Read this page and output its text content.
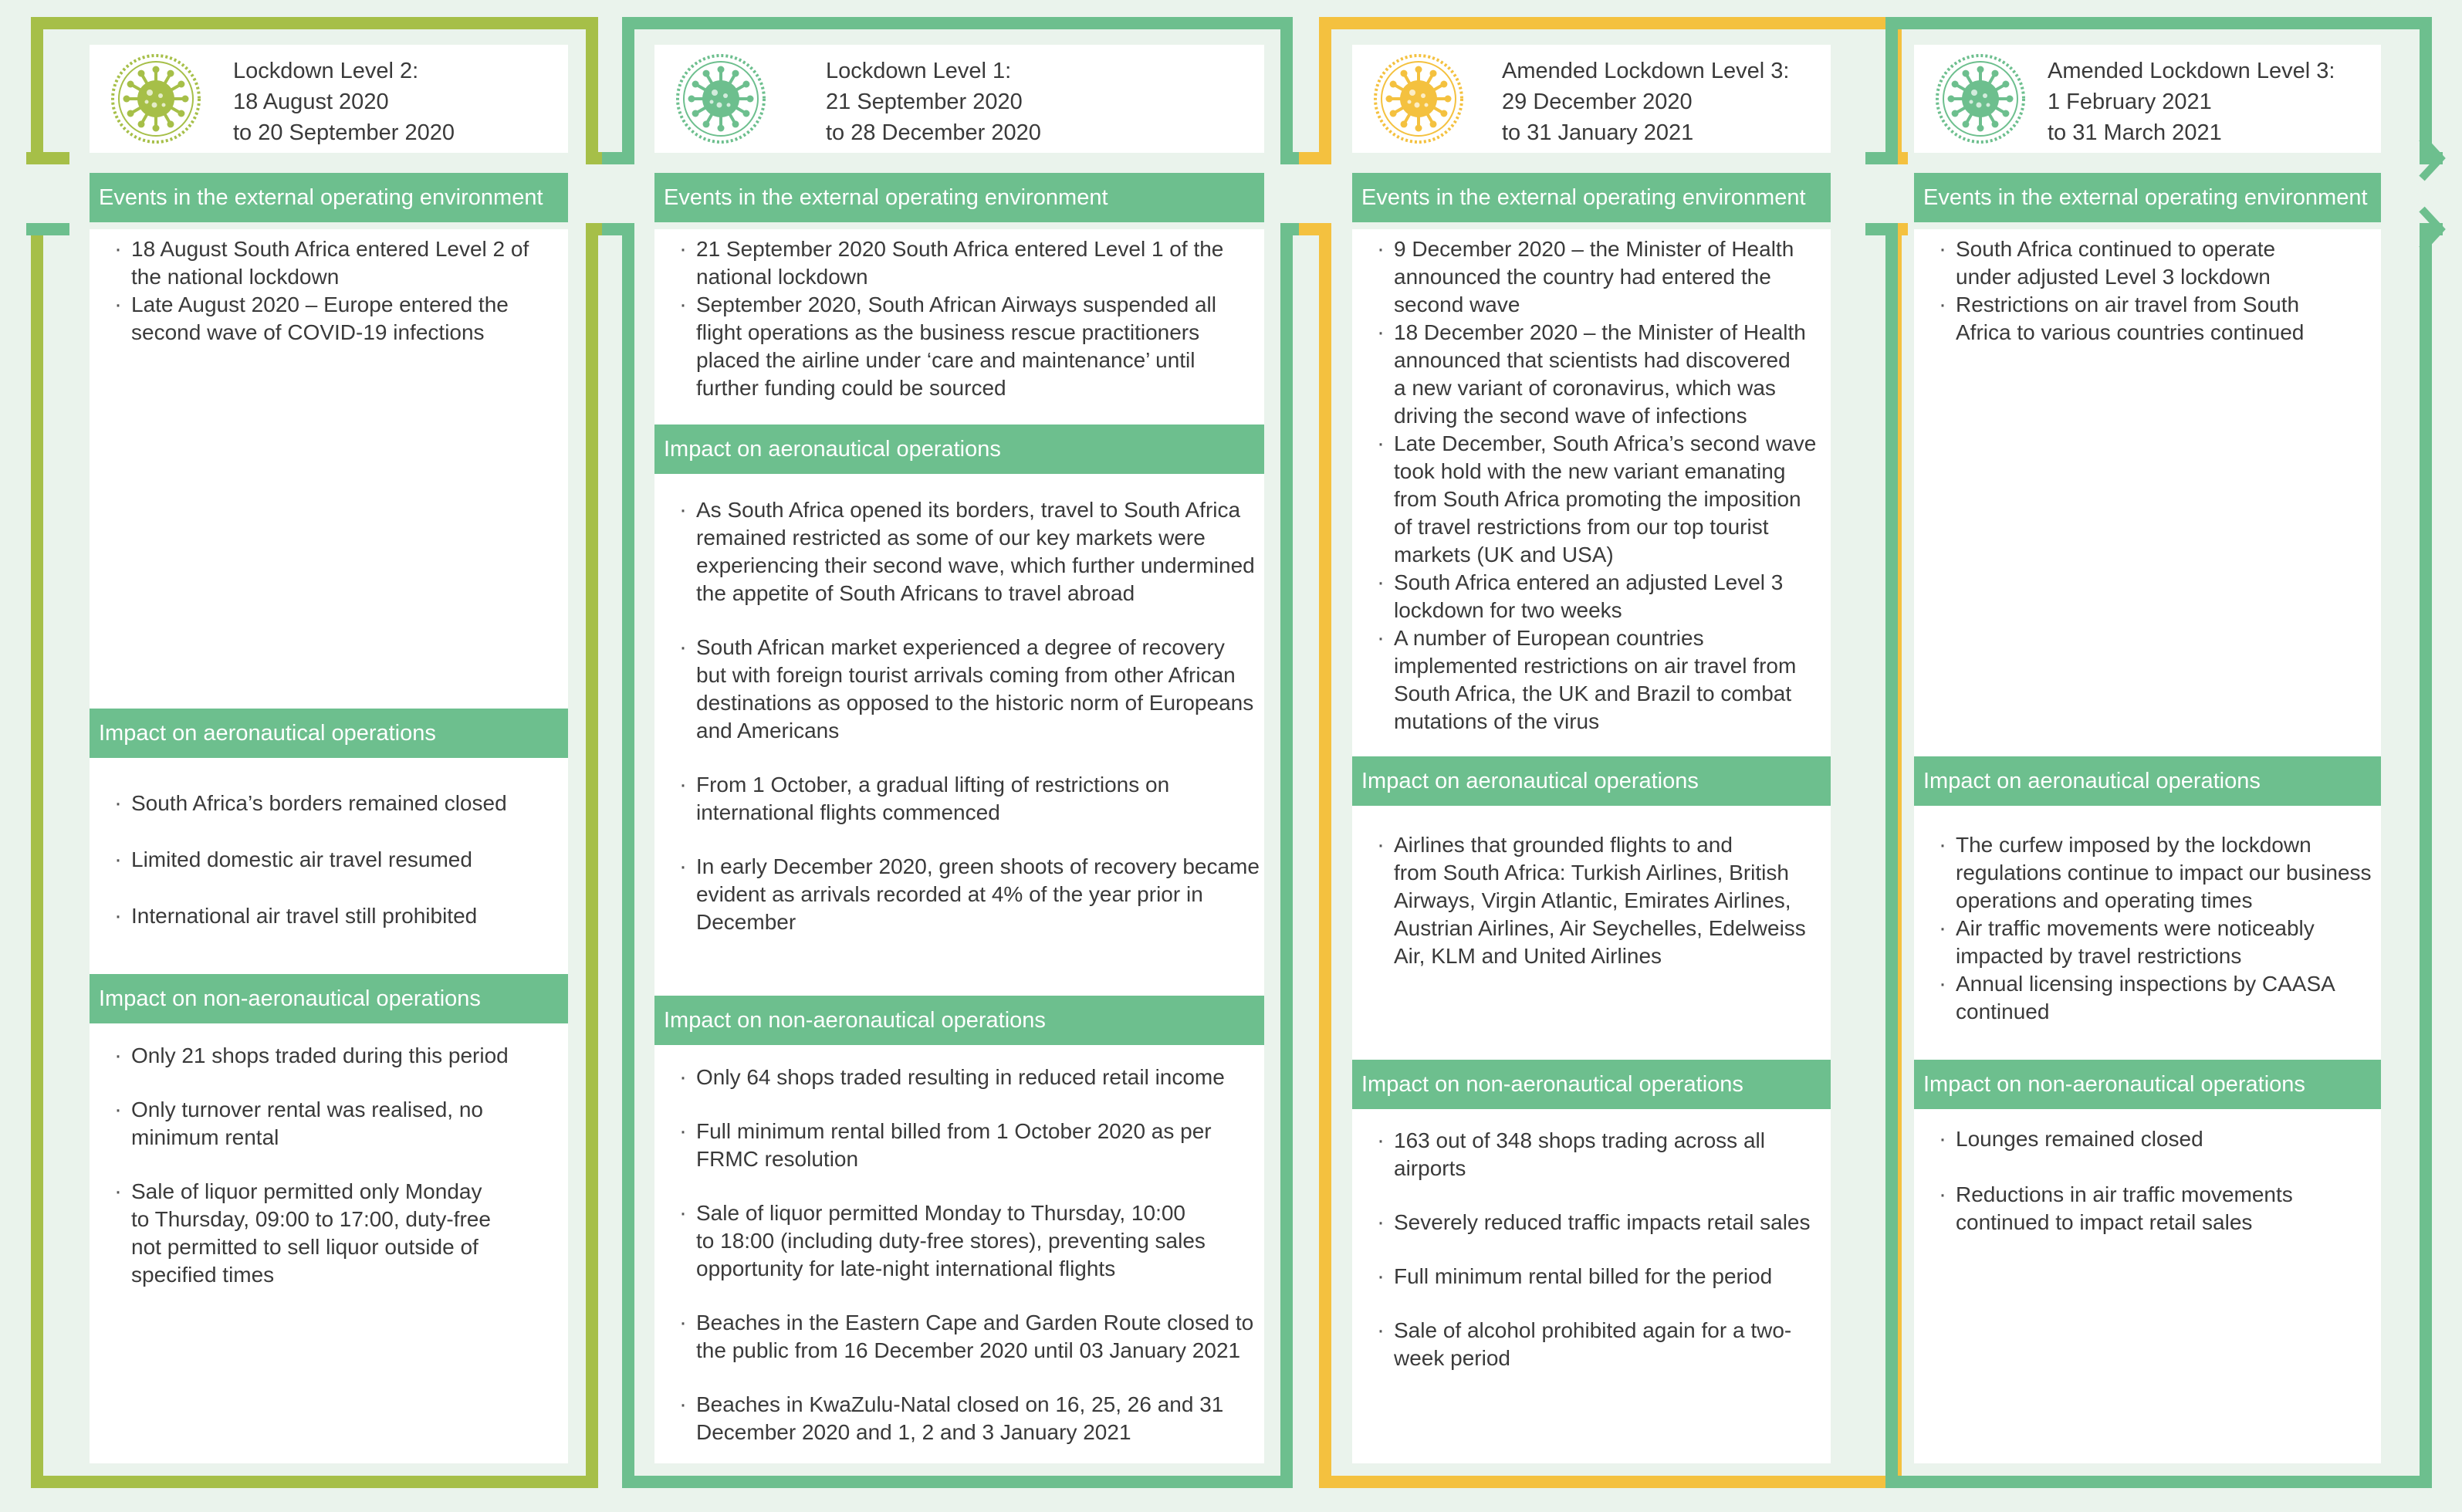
Lockdown Level 2:
18 August 2020
to 20 September 2020
Events in the external operating environment
· 18 August South Africa entered Level 2 of
the national lockdown
· Late August 2020 – Europe entered the
second wave of COVID-19 infections
Impact on aeronautical operations
· South Africa’s borders remained closed
· Limited domestic air travel resumed
· International air travel still prohibited
Impact on non-aeronautical operations
· Only 21 shops traded during this period
· Only turnover rental was realised, no
minimum rental
· Sale of liquor permitted only Monday
to Thursday, 09:00 to 17:00, duty-free
not permitted to sell liquor outside of
specified times
Lockdown Level 1:
21 September 2020
to 28 December 2020
Events in the external operating environment
· 21 September 2020 South Africa entered Level 1 of the
national lockdown
· September 2020, South African Airways suspended all
flight operations as the business rescue practitioners
placed the airline under ‘care and maintenance’ until
further funding could be sourced
Impact on aeronautical operations
· As South Africa opened its borders, travel to South Africa
remained restricted as some of our key markets were
experiencing their second wave, which further undermined
the appetite of South Africans to travel abroad
· South African market experienced a degree of recovery
but with foreign tourist arrivals coming from other African
destinations as opposed to the historic norm of Europeans
and Americans
· From 1 October, a gradual lifting of restrictions on
international flights commenced
· In early December 2020, green shoots of recovery became
evident as arrivals recorded at 4% of the year prior in
December
Impact on non-aeronautical operations
· Only 64 shops traded resulting in reduced retail income
· Full minimum rental billed from 1 October 2020 as per
FRMC resolution
· Sale of liquor permitted Monday to Thursday, 10:00
to 18:00 (including duty-free stores), preventing sales
opportunity for late-night international flights
· Beaches in the Eastern Cape and Garden Route closed to
the public from 16 December 2020 until 03 January 2021
· Beaches in KwaZulu-Natal closed on 16, 25, 26 and 31
December 2020 and 1, 2 and 3 January 2021
Amended Lockdown Level 3:
29 December 2020
to 31 January 2021
Events in the external operating environment
· 9 December 2020 – the Minister of Health
announced the country had entered the
second wave
· 18 December 2020 – the Minister of Health
announced that scientists had discovered
a new variant of coronavirus, which was
driving the second wave of infections
· Late December, South Africa’s second wave
took hold with the new variant emanating
from South Africa promoting the imposition
of travel restrictions from our top tourist
markets (UK and USA)
· South Africa entered an adjusted Level 3
lockdown for two weeks
· A number of European countries
implemented restrictions on air travel from
South Africa, the UK and Brazil to combat
mutations of the virus
Impact on aeronautical operations
· Airlines that grounded flights to and
from South Africa: Turkish Airlines, British
Airways, Virgin Atlantic, Emirates Airlines,
Austrian Airlines, Air Seychelles, Edelweiss
Air, KLM and United Airlines
Impact on non-aeronautical operations
· 163 out of 348 shops trading across all
airports
· Severely reduced traffic impacts retail sales
· Full minimum rental billed for the period
· Sale of alcohol prohibited again for a two-
week period
Amended Lockdown Level 3:
1 February 2021
to 31 March 2021
Events in the external operating environment
· South Africa continued to operate
under adjusted Level 3 lockdown
· Restrictions on air travel from South
Africa to various countries continued
Impact on aeronautical operations
· The curfew imposed by the lockdown
regulations continue to impact our business
operations and operating times
· Air traffic movements were noticeably
impacted by travel restrictions
· Annual licensing inspections by CAASA
continued
Impact on non-aeronautical operations
· Lounges remained closed
· Reductions in air traffic movements
continued to impact retail sales
